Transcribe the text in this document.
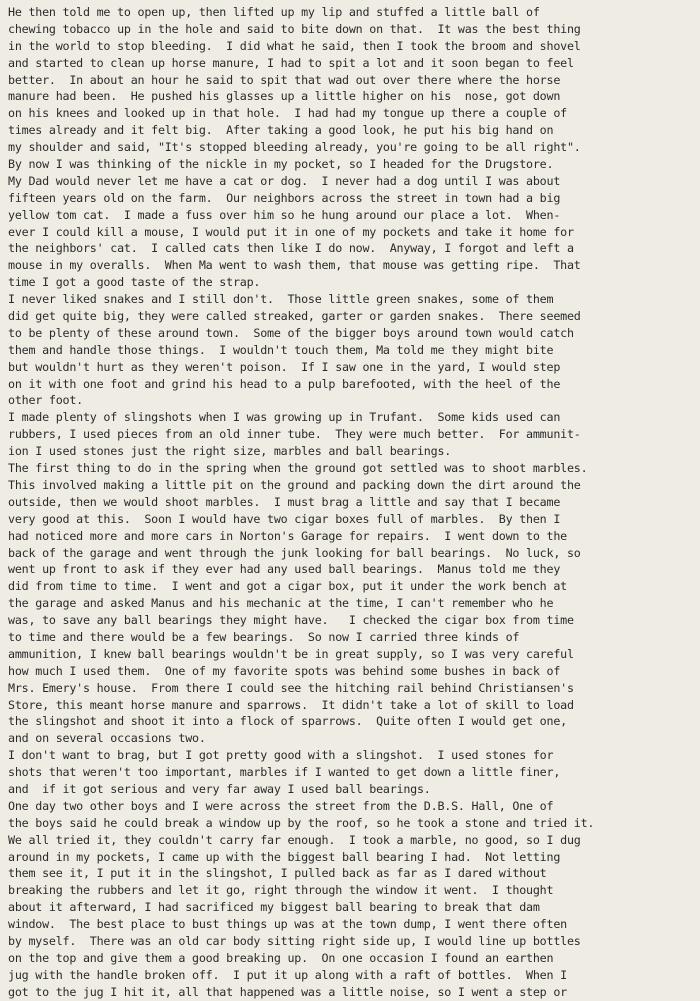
He then told me to open up, then lifted up my lip and stuffed a little ball of
chewing tobacco up in the hole and said to bite down on that.  It was the best thing
in the world to stop bleeding.  I did what he said, then I took the broom and shovel
and started to clean up horse manure, I had to spit a lot and it soon began to feel
better.  In about an hour he said to spit that wad out over there where the horse
manure had been.  He pushed his glasses up a little higher on his  nose, got down
on his knees and looked up in that hole.  I had had my tongue up there a couple of
times already and it felt big.  After taking a good look, he put his big hand on
my shoulder and said, "It's stopped bleeding already, you're going to be all right".
By now I was thinking of the nickle in my pocket, so I headed for the Drugstore.
My Dad would never let me have a cat or dog.  I never had a dog until I was about
fifteen years old on the farm.  Our neighbors across the street in town had a big
yellow tom cat.  I made a fuss over him so he hung around our place a lot.  When-
ever I could kill a mouse, I would put it in one of my pockets and take it home for
the neighbors' cat.  I called cats then like I do now.  Anyway, I forgot and left a
mouse in my overalls.  When Ma went to wash them, that mouse was getting ripe.  That
time I got a good taste of the strap.
I never liked snakes and I still don't.  Those little green snakes, some of them
did get quite big, they were called streaked, garter or garden snakes.  There seemed
to be plenty of these around town.  Some of the bigger boys around town would catch
them and handle those things.  I wouldn't touch them, Ma told me they might bite
but wouldn't hurt as they weren't poison.  If I saw one in the yard, I would step
on it with one foot and grind his head to a pulp barefooted, with the heel of the
other foot.
I made plenty of slingshots when I was growing up in Trufant.  Some kids used can
rubbers, I used pieces from an old inner tube.  They were much better.  For ammunit-
ion I used stones just the right size, marbles and ball bearings.
The first thing to do in the spring when the ground got settled was to shoot marbles.
This involved making a little pit on the ground and packing down the dirt around the
outside, then we would shoot marbles.  I must brag a little and say that I became
very good at this.  Soon I would have two cigar boxes full of marbles.  By then I
had noticed more and more cars in Norton's Garage for repairs.  I went down to the
back of the garage and went through the junk looking for ball bearings.  No luck, so
went up front to ask if they ever had any used ball bearings.  Manus told me they
did from time to time.  I went and got a cigar box, put it under the work bench at
the garage and asked Manus and his mechanic at the time, I can't remember who he
was, to save any ball bearings they might have.   I checked the cigar box from time
to time and there would be a few bearings.  So now I carried three kinds of
ammunition, I knew ball bearings wouldn't be in great supply, so I was very careful
how much I used them.  One of my favorite spots was behind some bushes in back of
Mrs. Emery's house.  From there I could see the hitching rail behind Christiansen's
Store, this meant horse manure and sparrows.  It didn't take a lot of skill to load
the slingshot and shoot it into a flock of sparrows.  Quite often I would get one,
and on several occasions two.
I don't want to brag, but I got pretty good with a slingshot.  I used stones for
shots that weren't too important, marbles if I wanted to get down a little finer,
and  if it got serious and very far away I used ball bearings.
One day two other boys and I were across the street from the D.B.S. Hall, One of
the boys said he could break a window up by the roof, so he took a stone and tried it.
We all tried it, they couldn't carry far enough.  I took a marble, no good, so I dug
around in my pockets, I came up with the biggest ball bearing I had.  Not letting
them see it, I put it in the slingshot, I pulled back as far as I dared without
breaking the rubbers and let it go, right through the window it went.  I thought
about it afterward, I had sacrificed my biggest ball bearing to break that dam
window.  The best place to bust things up was at the town dump, I went there often
by myself.  There was an old car body sitting right side up, I would line up bottles
on the top and give them a good breaking up.  On one occasion I found an earthen
jug with the handle broken off.  I put it up along with a raft of bottles.  When I
got to the jug I hit it, all that happened was a little noise, so I went a step or
